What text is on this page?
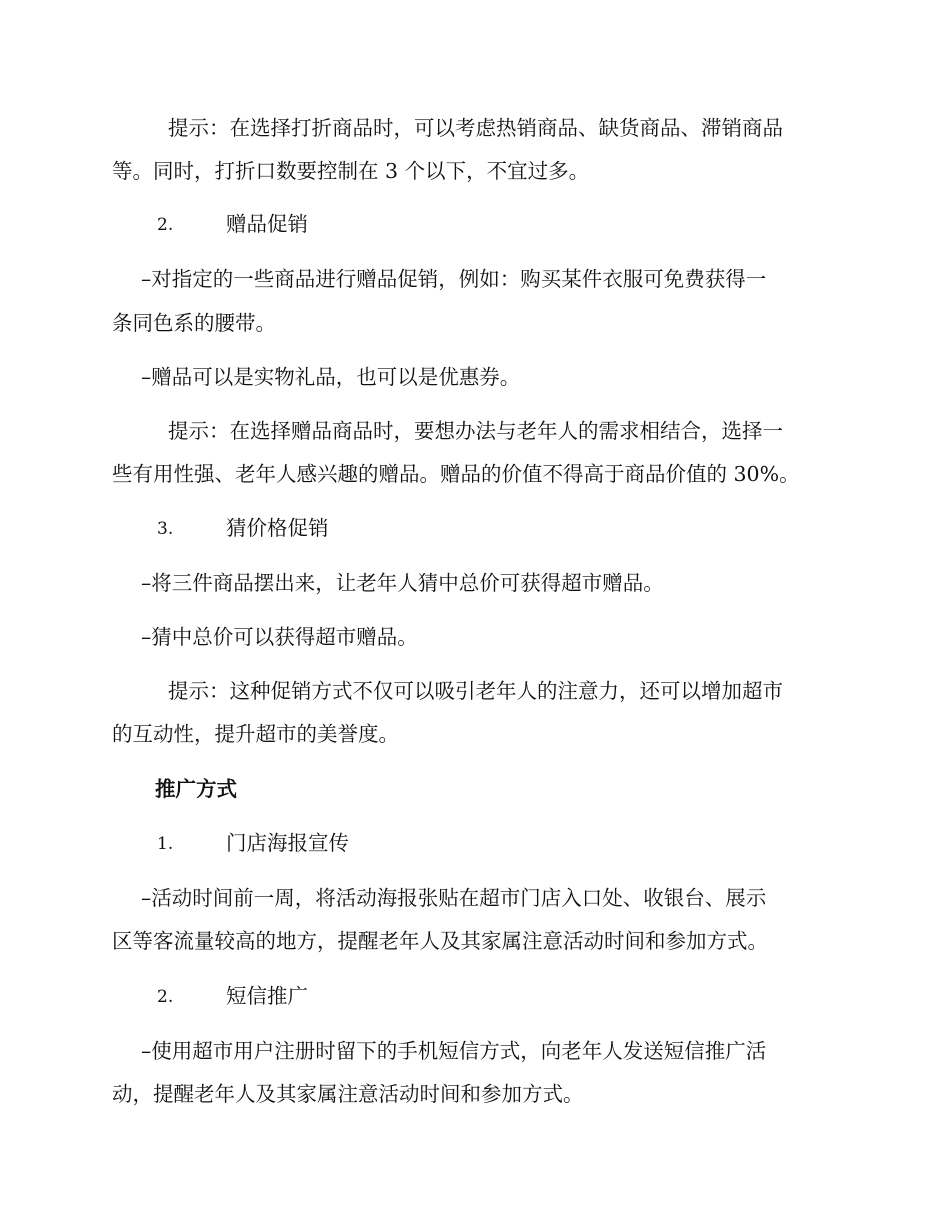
提示：在选择打折商品时，可以考虑热销商品、缺货商品、滞销商品
等。同时，打折口数要控制在 3 个以下，不宜过多。
2.	赠品促销
–对指定的一些商品进行赠品促销，例如：购买某件衣服可免费获得一
条同色系的腰带。
–赠品可以是实物礼品，也可以是优惠券。
提示：在选择赠品商品时，要想办法与老年人的需求相结合，选择一
些有用性强、老年人感兴趣的赠品。赠品的价值不得高于商品价值的 30%。
3.	猜价格促销
–将三件商品摆出来，让老年人猜中总价可获得超市赠品。
–猜中总价可以获得超市赠品。
提示：这种促销方式不仅可以吸引老年人的注意力，还可以增加超市
的互动性，提升超市的美誉度。
推广方式
1.	门店海报宣传
–活动时间前一周，将活动海报张贴在超市门店入口处、收银台、展示
区等客流量较高的地方，提醒老年人及其家属注意活动时间和参加方式。
2.	短信推广
–使用超市用户注册时留下的手机短信方式，向老年人发送短信推广活
动，提醒老年人及其家属注意活动时间和参加方式。
